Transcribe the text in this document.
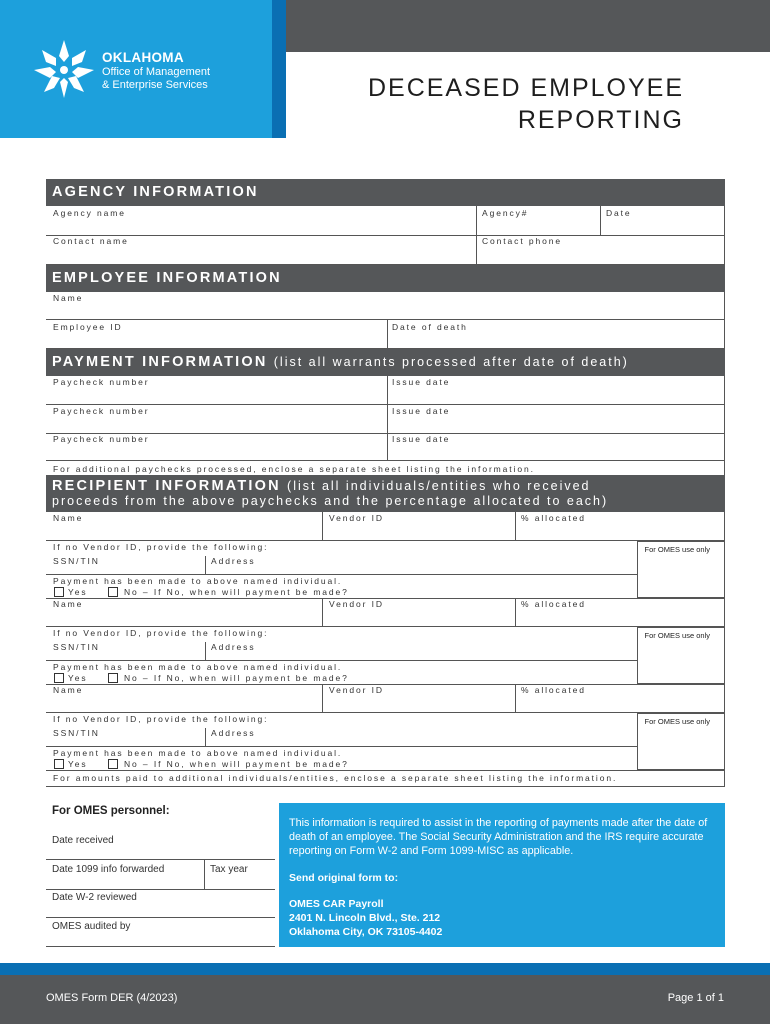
OKLAHOMA
Office of Management
& Enterprise Services	DECEASED EMPLOYEE
REPORTING
AGENCY INFORMATION
Agency name	Agency#	Date
Contact name	Contact phone
EMPLOYEE INFORMATION
Name
Employee ID	Date of death
PAYMENT INFORMATION (list all warrants processed after date of death)
Paycheck number	Issue date
Paycheck number	Issue date
Paycheck number	Issue date
For additional paychecks processed, enclose a separate sheet listing the information.
RECIPIENT INFORMATION (list all individuals/entities who received
proceeds from the above paychecks and the percentage allocated to each)
Name	Vendor ID	% allocated
If no Vendor ID, provide the following:
SSN/TIN	Address
For OMES use only
Payment has been made to above named individual.
Yes	No – If No, when will payment be made?
Name	Vendor ID	% allocated
If no Vendor ID, provide the following:
SSN/TIN	Address
For OMES use only
Payment has been made to above named individual.
Yes	No – If No, when will payment be made?
Name	Vendor ID	% allocated
If no Vendor ID, provide the following:
SSN/TIN	Address
For OMES use only
Payment has been made to above named individual.
Yes	No – If No, when will payment be made?
For amounts paid to additional individuals/entities, enclose a separate sheet listing the information.
For OMES personnel:
Date received
Date 1099 info forwarded	Tax year
Date W-2 reviewed
OMES audited by
This information is required to assist in the reporting of payments made after the date of death of an employee. The Social Security Administration and the IRS require accurate reporting on Form W-2 and Form 1099-MISC as applicable.
Send original form to:
OMES CAR Payroll
2401 N. Lincoln Blvd., Ste. 212
Oklahoma City, OK 73105-4402
OMES Form DER (4/2023)	Page 1 of 1
